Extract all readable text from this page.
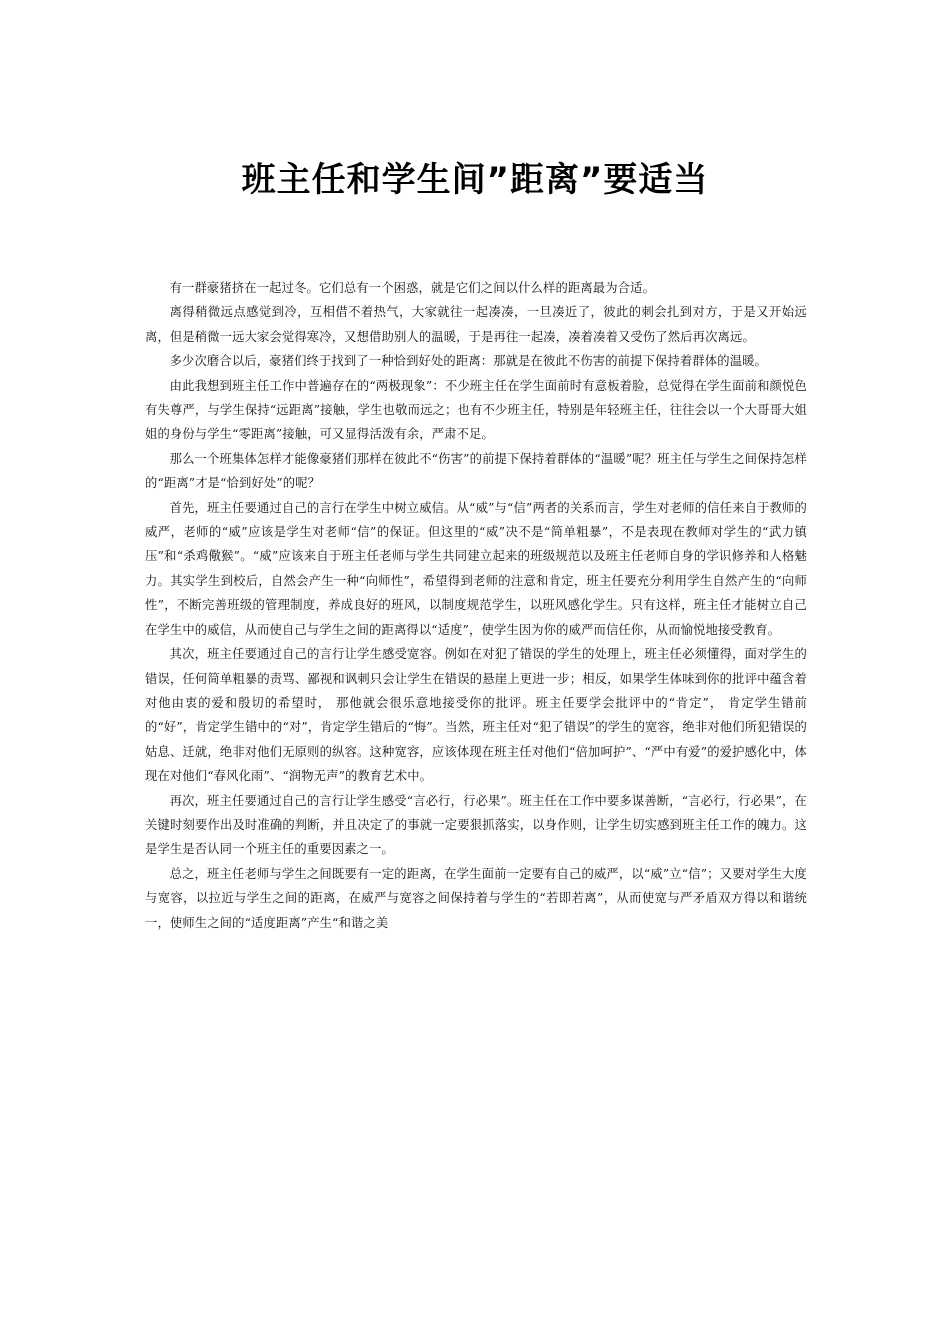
班主任和学生间”距离”要适当

有一群豪猪挤在一起过冬。它们总有一个困惑，就是它们之间以什么样的距离最为合适。

离得稍微远点感觉到冷，互相借不着热气，大家就往一起凑凑，一旦凑近了，彼此的刺会扎到对方，于是又开始远离，但是稍微一远大家会觉得寒冷，又想借助别人的温暖，于是再往一起凑，凑着凑着又受伤了然后再次离远。

多少次磨合以后，豪猪们终于找到了一种恰到好处的距离：那就是在彼此不伤害的前提下保持着群体的温暖。

由此我想到班主任工作中普遍存在的“两极现象”：不少班主任在学生面前时有意板着脸，总觉得在学生面前和颜悦色有失尊严，与学生保持“远距离”接触，学生也敬而远之；也有不少班主任，特别是年轻班主任，往往会以一个大哥哥大姐姐的身份与学生“零距离”接触，可又显得活泼有余，严肃不足。

那么一个班集体怎样才能像豪猪们那样在彼此不“伤害”的前提下保持着群体的“温暖”呢？班主任与学生之间保持怎样的“距离”才是“恰到好处”的呢？

首先，班主任要通过自己的言行在学生中树立威信。从“威”与“信”两者的关系而言，学生对老师的信任来自于教师的威严，老师的“威”应该是学生对老师“信”的保证。但这里的“威”决不是“简单粗暴”，不是表现在教师对学生的“武力镇压”和“杀鸡儆猴”。“威”应该来自于班主任老师与学生共同建立起来的班级规范以及班主任老师自身的学识修养和人格魅力。其实学生到校后，自然会产生一种“向师性”，希望得到老师的注意和肯定，班主任要充分利用学生自然产生的“向师性”，不断完善班级的管理制度，养成良好的班风，以制度规范学生，以班风感化学生。只有这样，班主任才能树立自己在学生中的威信，从而使自己与学生之间的距离得以“适度”，使学生因为你的威严而信任你，从而愉悦地接受教育。

其次，班主任要通过自己的言行让学生感受宽容。例如在对犯了错误的学生的处理上，班主任必须懂得，面对学生的错误，任何简单粗暴的责骂、鄙视和讽刺只会让学生在错误的悬崖上更进一步；相反，如果学生体味到你的批评中蕴含着对他由衷的爱和殷切的希望时， 那他就会很乐意地接受你的批评。班主任要学会批评中的“肯定”， 肯定学生错前的“好”，肯定学生错中的“对”，肯定学生错后的“悔”。当然，班主任对“犯了错误”的学生的宽容，绝非对他们所犯错误的姑息、迁就，绝非对他们无原则的纵容。这种宽容，应该体现在班主任对他们“倍加呵护”、“严中有爱”的爱护感化中，体现在对他们“春风化雨”、“润物无声”的教育艺术中。

再次，班主任要通过自己的言行让学生感受“言必行，行必果”。班主任在工作中要多谋善断，“言必行，行必果”，在关键时刻要作出及时准确的判断，并且决定了的事就一定要狠抓落实，以身作则，让学生切实感到班主任工作的魄力。这是学生是否认同一个班主任的重要因素之一。

总之，班主任老师与学生之间既要有一定的距离，在学生面前一定要有自己的威严，以“威”立“信”；又要对学生大度与宽容，以拉近与学生之间的距离，在威严与宽容之间保持着与学生的“若即若离”，从而使宽与严矛盾双方得以和谐统一，使师生之间的“适度距离”产生“和谐之美
